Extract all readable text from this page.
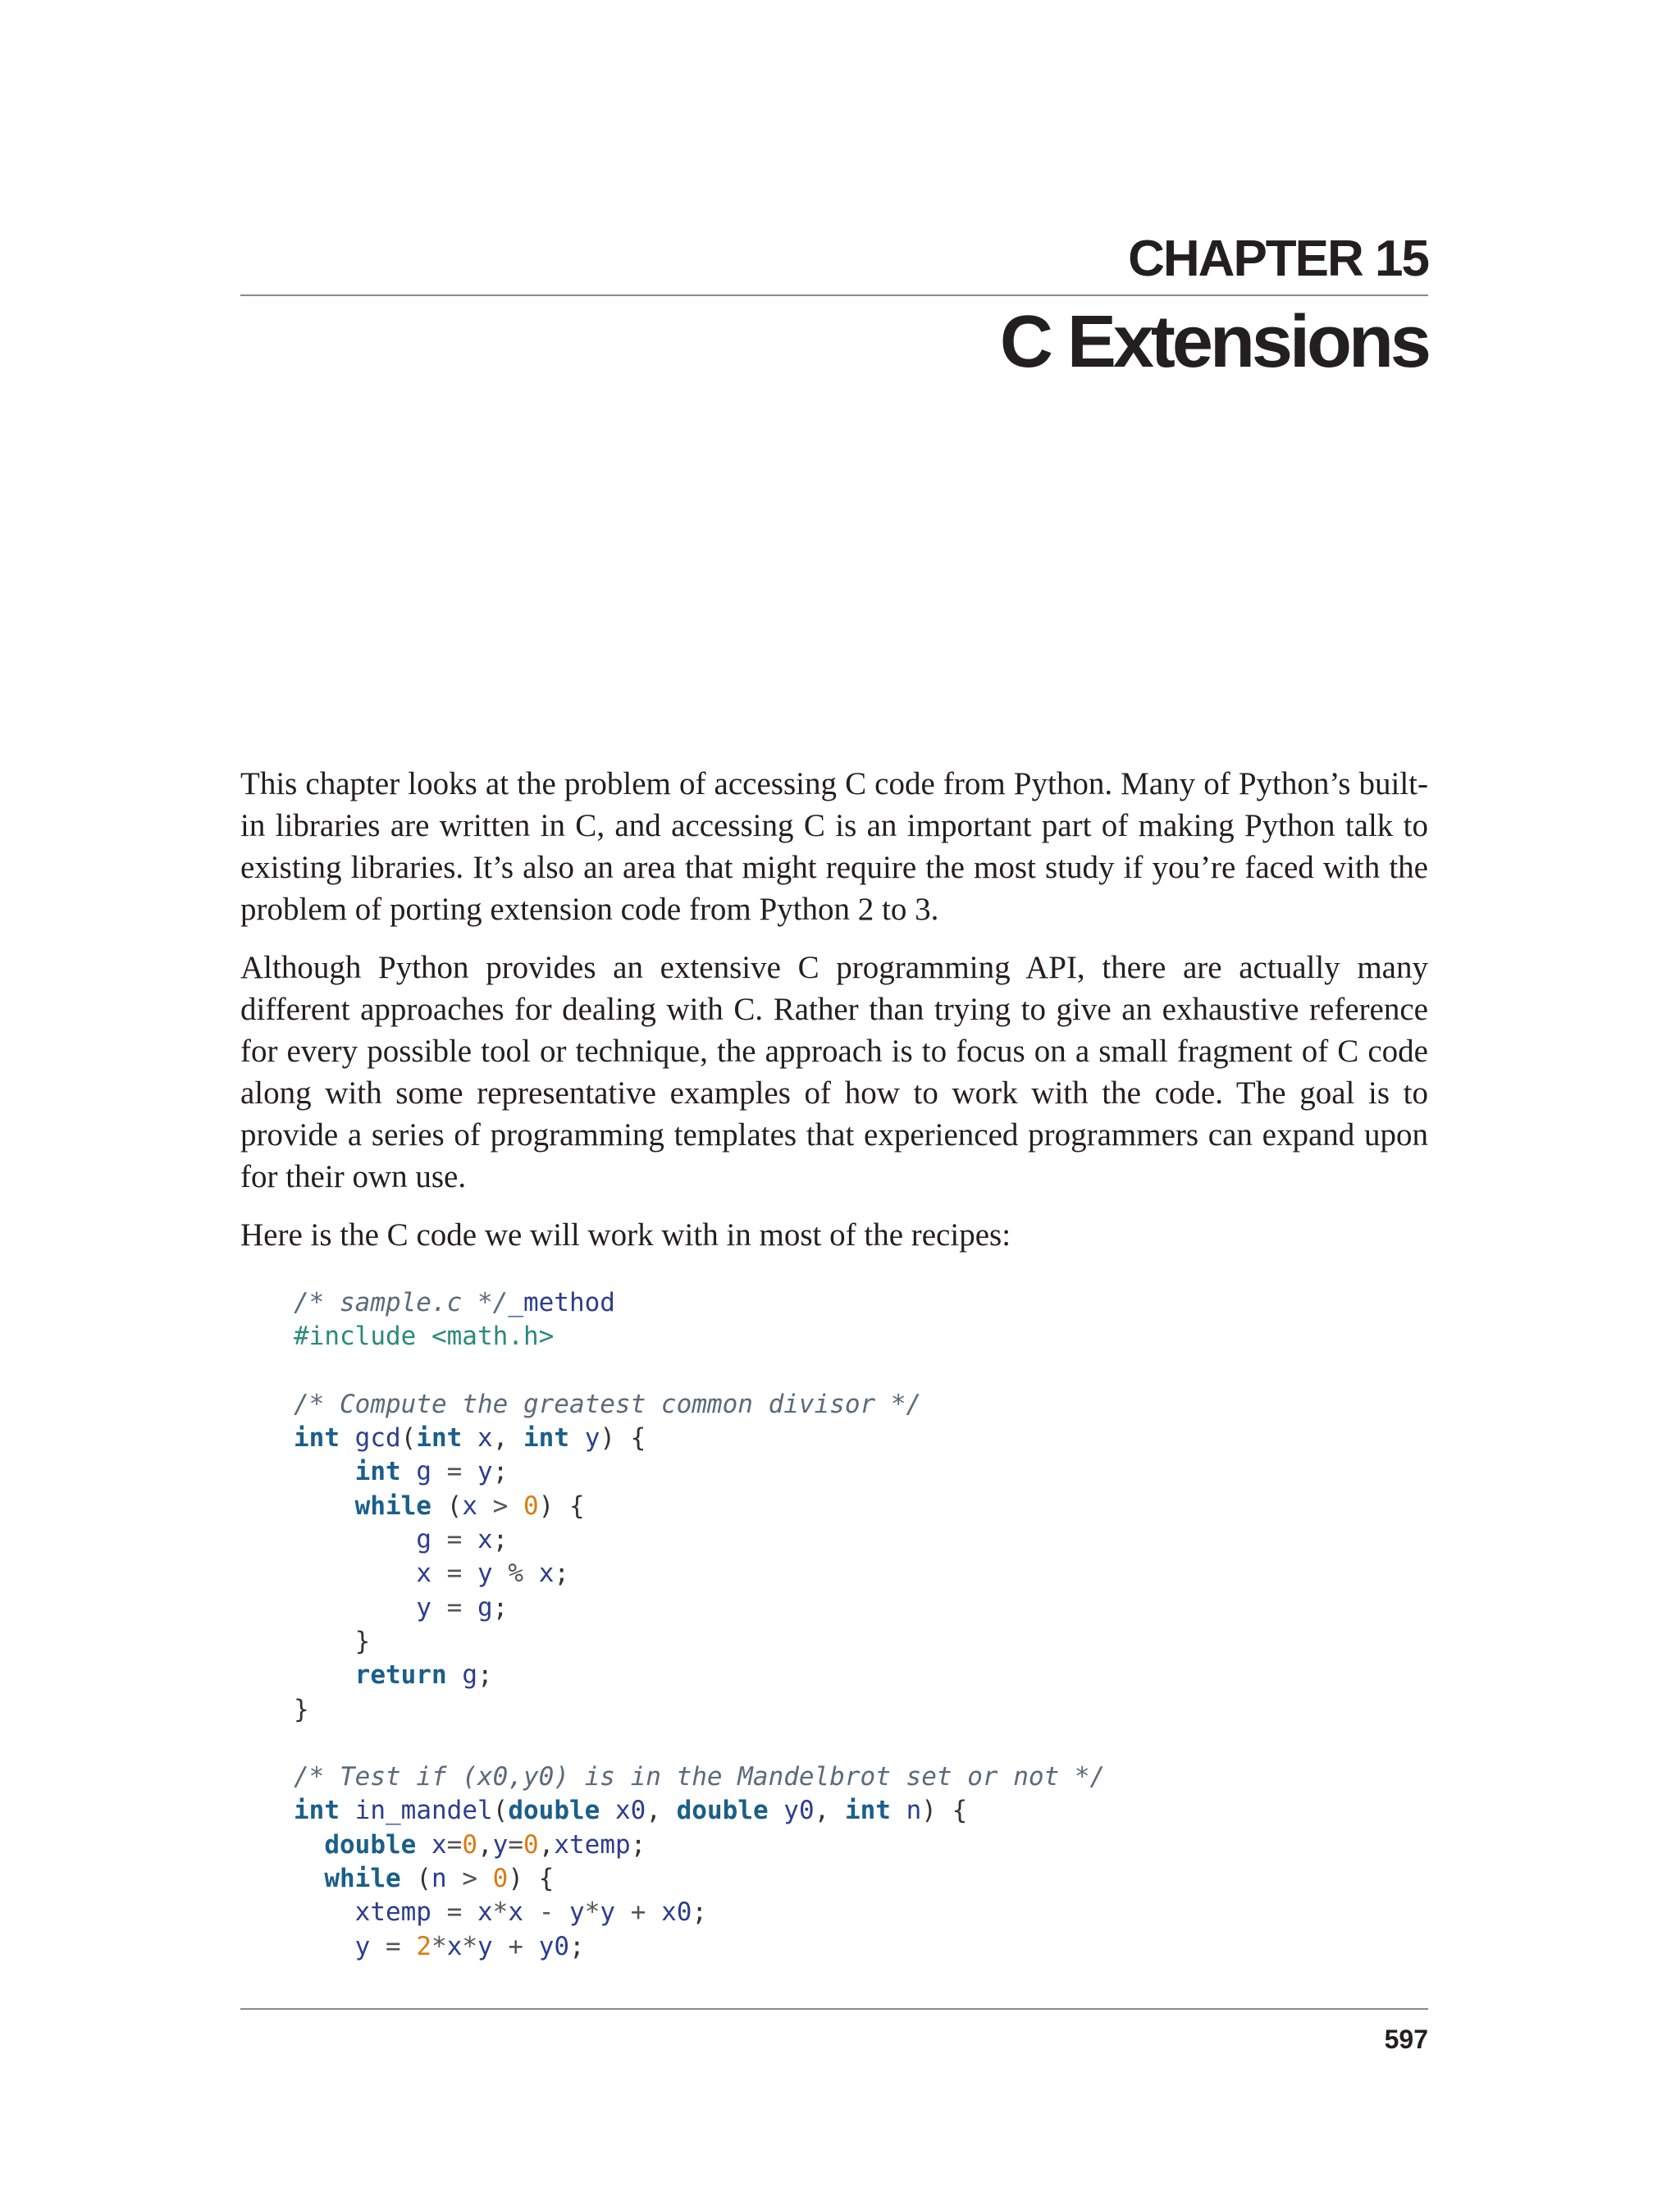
CHAPTER 15
C Extensions

This chapter looks at the problem of accessing C code from Python. Many of Python’s built-in libraries are written in C, and accessing C is an important part of making Python talk to existing libraries. It’s also an area that might require the most study if you’re faced with the problem of porting extension code from Python 2 to 3.

Although Python provides an extensive C programming API, there are actually many different approaches for dealing with C. Rather than trying to give an exhaustive reference for every possible tool or technique, the approach is to focus on a small fragment of C code along with some representative examples of how to work with the code. The goal is to provide a series of programming templates that experienced programmers can expand upon for their own use.

Here is the C code we will work with in most of the recipes:

/* sample.c */_method
#include <math.h>
/* Compute the greatest common divisor */
int gcd(int x, int y) {
int g = y;
while (x > 0) {
g = x;
x = y % x;
y = g;
}
return g;
}
/* Test if (x0,y0) is in the Mandelbrot set or not */
int in_mandel(double x0, double y0, int n) {
double x=0,y=0,xtemp;
while (n > 0) {
xtemp = x*x - y*y + x0;
y = 2*x*y + y0;
597
